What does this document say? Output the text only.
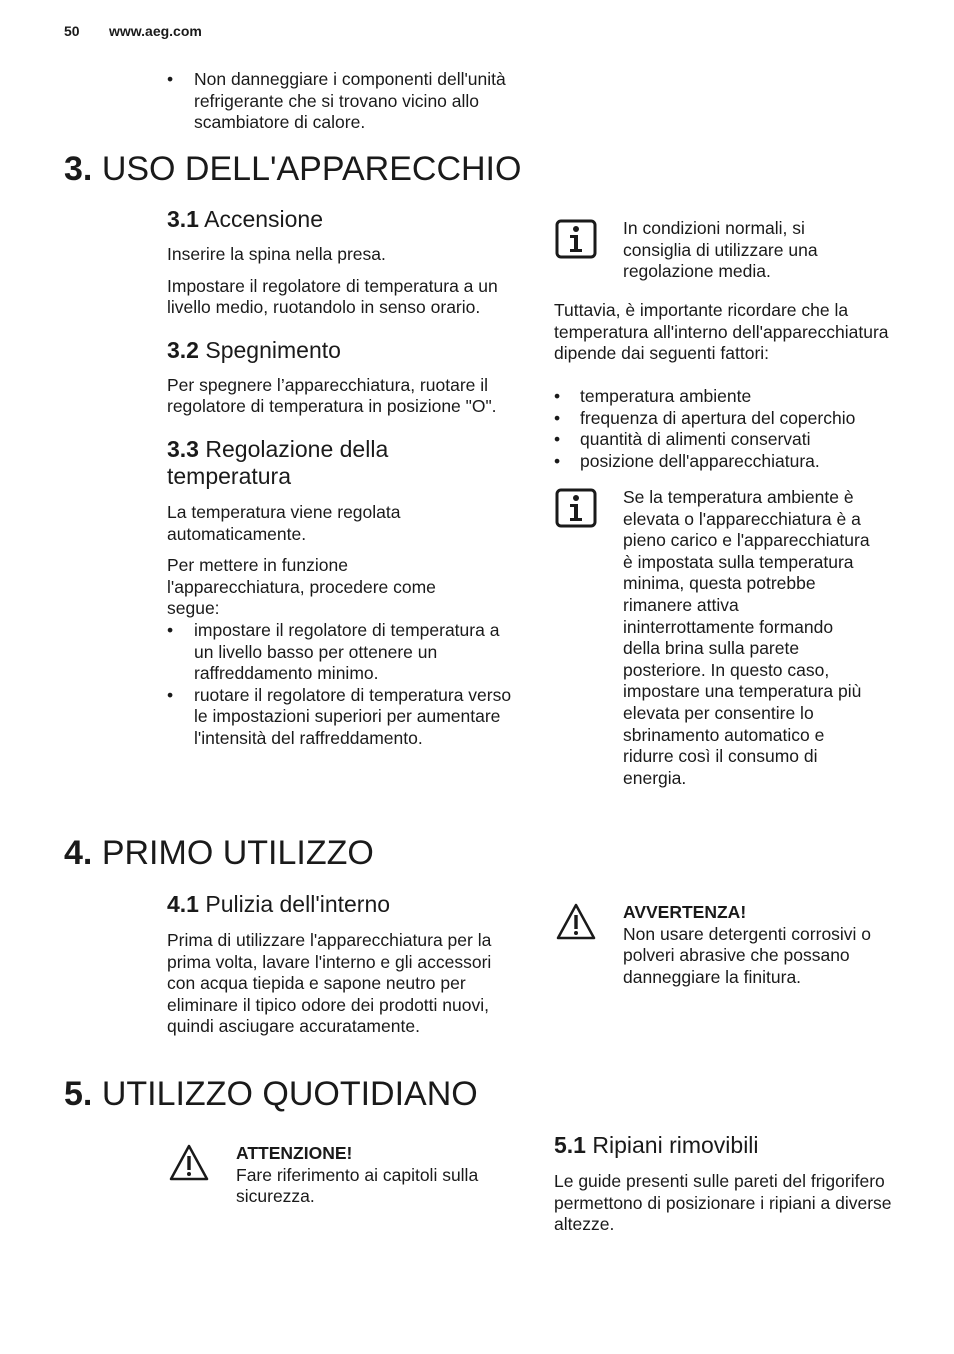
50 www.aeg.com
• Non danneggiare i componenti dell'unità refrigerante che si trovano vicino allo scambiatore di calore.
3. USO DELL'APPARECCHIO
3.1 Accensione

Inserire la spina nella presa.

Impostare il regolatore di temperatura a un livello medio, ruotandolo in senso orario.

3.2 Spegnimento

Per spegnere l’apparecchiatura, ruotare il regolatore di temperatura in posizione "O".

3.3 Regolazione della temperatura

La temperatura viene regolata automaticamente.

Per mettere in funzione l'apparecchiatura, procedere come segue:

• impostare il regolatore di temperatura a un livello basso per ottenere un raffreddamento minimo.
• ruotare il regolatore di temperatura verso le impostazioni superiori per aumentare l'intensità del raffreddamento.

In condizioni normali, si consiglia di utilizzare una regolazione media.

Tuttavia, è importante ricordare che la temperatura all'interno dell'apparecchiatura dipende dai seguenti fattori:

• temperatura ambiente
• frequenza di apertura del coperchio
• quantità di alimenti conservati
• posizione dell'apparecchiatura.

Se la temperatura ambiente è elevata o l'apparecchiatura è a pieno carico e l'apparecchiatura è impostata sulla temperatura minima, questa potrebbe rimanere attiva ininterrottamente formando della brina sulla parete posteriore. In questo caso, impostare una temperatura più elevata per consentire lo sbrinamento automatico e ridurre così il consumo di energia.

4. PRIMO UTILIZZO
4.1 Pulizia dell'interno

Prima di utilizzare l'apparecchiatura per la prima volta, lavare l'interno e gli accessori con acqua tiepida e sapone neutro per eliminare il tipico odore dei prodotti nuovi, quindi asciugare accuratamente.

AVVERTENZA!

Non usare detergenti corrosivi o polveri abrasive che possano danneggiare la finitura.

5. UTILIZZO QUOTIDIANO

ATTENZIONE!

Fare riferimento ai capitoli sulla sicurezza.

5.1 Ripiani rimovibili

Le guide presenti sulle pareti del frigorifero permettono di posizionare i ripiani a diverse altezze.
